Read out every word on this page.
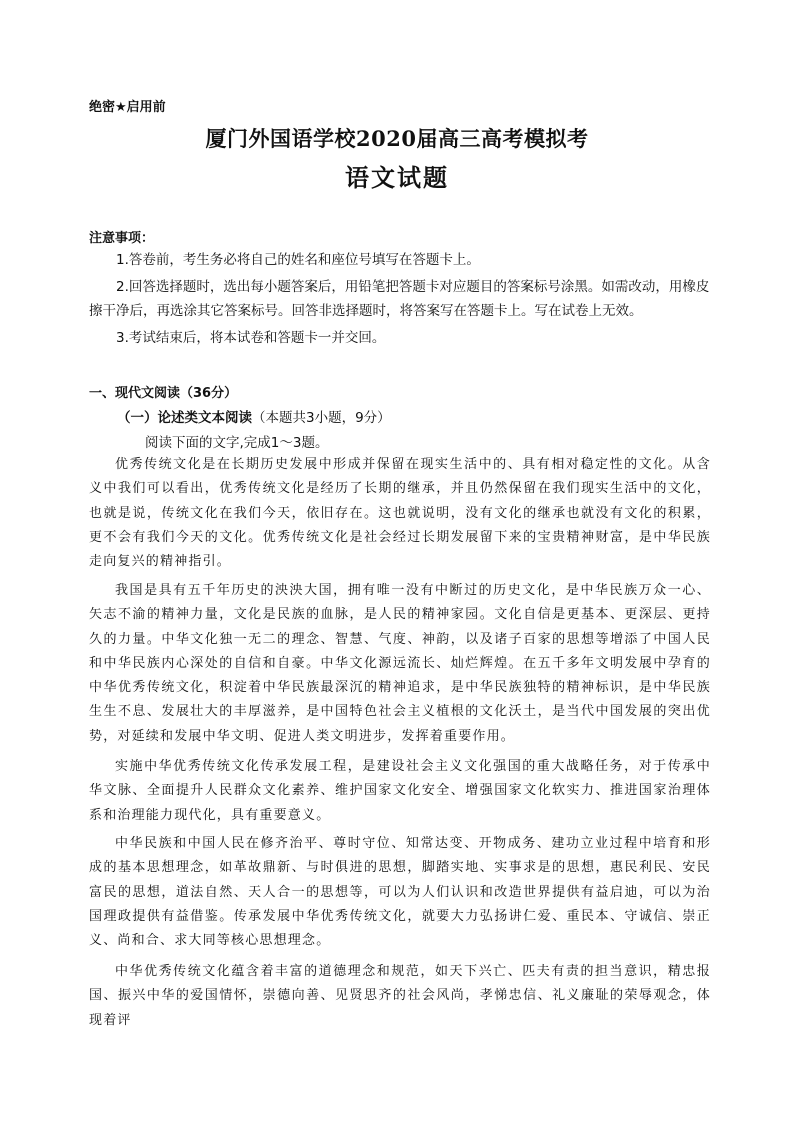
绝密★启用前
厦门外国语学校2020届高三高考模拟考
语文试题
注意事项：
1.答卷前，考生务必将自己的姓名和座位号填写在答题卡上。
2.回答选择题时，选出每小题答案后，用铅笔把答题卡对应题目的答案标号涂黑。如需改动，用橡皮擦干净后，再选涂其它答案标号。回答非选择题时，将答案写在答题卡上。写在试卷上无效。
3.考试结束后，将本试卷和答题卡一并交回。
一、现代文阅读（36分）
（一）论述类文本阅读（本题共3小题，9分）
阅读下面的文字,完成1～3题。
优秀传统文化是在长期历史发展中形成并保留在现实生活中的、具有相对稳定性的文化。从含义中我们可以看出，优秀传统文化是经历了长期的继承，并且仍然保留在我们现实生活中的文化，也就是说，传统文化在我们今天，依旧存在。这也就说明，没有文化的继承也就没有文化的积累，更不会有我们今天的文化。优秀传统文化是社会经过长期发展留下来的宝贵精神财富，是中华民族走向复兴的精神指引。
我国是具有五千年历史的泱泱大国，拥有唯一没有中断过的历史文化，是中华民族万众一心、矢志不渝的精神力量，文化是民族的血脉，是人民的精神家园。文化自信是更基本、更深层、更持久的力量。中华文化独一无二的理念、智慧、气度、神韵，以及诸子百家的思想等增添了中国人民和中华民族内心深处的自信和自豪。中华文化源远流长、灿烂辉煌。在五千多年文明发展中孕育的中华优秀传统文化，积淀着中华民族最深沉的精神追求，是中华民族独特的精神标识，是中华民族生生不息、发展壮大的丰厚滋养，是中国特色社会主义植根的文化沃土，是当代中国发展的突出优势，对延续和发展中华文明、促进人类文明进步，发挥着重要作用。
实施中华优秀传统文化传承发展工程，是建设社会主义文化强国的重大战略任务，对于传承中华文脉、全面提升人民群众文化素养、维护国家文化安全、增强国家文化软实力、推进国家治理体系和治理能力现代化，具有重要意义。
中华民族和中国人民在修齐治平、尊时守位、知常达变、开物成务、建功立业过程中培育和形成的基本思想理念，如革故鼎新、与时俱进的思想，脚踏实地、实事求是的思想，惠民利民、安民富民的思想，道法自然、天人合一的思想等，可以为人们认识和改造世界提供有益启迪，可以为治国理政提供有益借鉴。传承发展中华优秀传统文化，就要大力弘扬讲仁爱、重民本、守诚信、崇正义、尚和合、求大同等核心思想理念。
中华优秀传统文化蕴含着丰富的道德理念和规范，如天下兴亡、匹夫有责的担当意识，精忠报国、振兴中华的爱国情怀，崇德向善、见贤思齐的社会风尚，孝悌忠信、礼义廉耻的荣辱观念，体现着评
